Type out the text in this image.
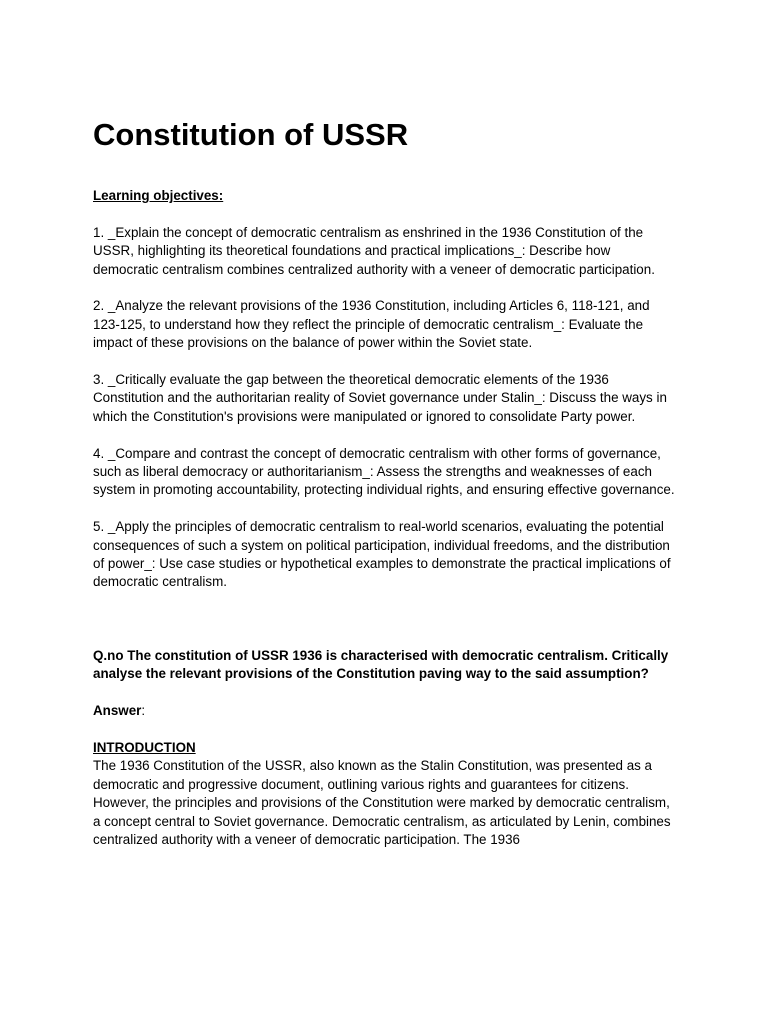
Constitution of USSR

Learning objectives:

1. _Explain the concept of democratic centralism as enshrined in the 1936 Constitution of the USSR, highlighting its theoretical foundations and practical implications_: Describe how democratic centralism combines centralized authority with a veneer of democratic participation.

2. _Analyze the relevant provisions of the 1936 Constitution, including Articles 6, 118-121, and 123-125, to understand how they reflect the principle of democratic centralism_: Evaluate the impact of these provisions on the balance of power within the Soviet state.

3. _Critically evaluate the gap between the theoretical democratic elements of the 1936 Constitution and the authoritarian reality of Soviet governance under Stalin_: Discuss the ways in which the Constitution's provisions were manipulated or ignored to consolidate Party power.

4. _Compare and contrast the concept of democratic centralism with other forms of governance, such as liberal democracy or authoritarianism_: Assess the strengths and weaknesses of each system in promoting accountability, protecting individual rights, and ensuring effective governance.

5. _Apply the principles of democratic centralism to real-world scenarios, evaluating the potential consequences of such a system on political participation, individual freedoms, and the distribution of power_: Use case studies or hypothetical examples to demonstrate the practical implications of democratic centralism.

Q.no The constitution of USSR 1936 is characterised with democratic centralism. Critically analyse the relevant provisions of the Constitution paving way to the said assumption?

Answer:

INTRODUCTION

The 1936 Constitution of the USSR, also known as the Stalin Constitution, was presented as a democratic and progressive document, outlining various rights and guarantees for citizens. However, the principles and provisions of the Constitution were marked by democratic centralism, a concept central to Soviet governance. Democratic centralism, as articulated by Lenin, combines centralized authority with a veneer of democratic participation. The 1936
